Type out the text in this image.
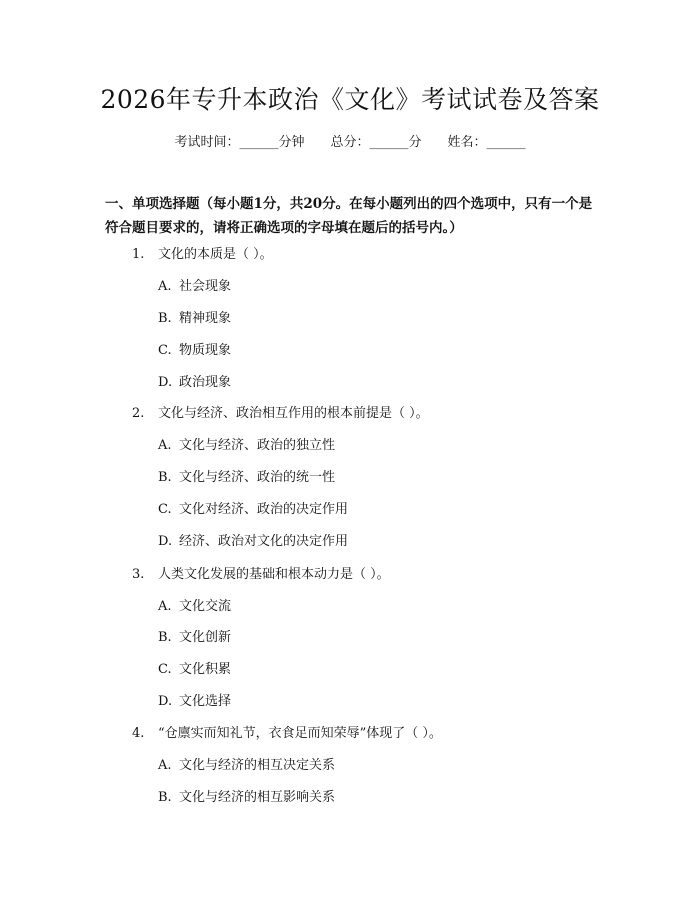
2026年专升本政治《文化》考试试卷及答案
考试时间：______分钟 总分：______分 姓名：______
一、单项选择题（每小题1分，共20分。在每小题列出的四个选项中，只有一个是符合题目要求的，请将正确选项的字母填在题后的括号内。）
1. 文化的本质是（ ）。
A. 社会现象
B. 精神现象
C. 物质现象
D. 政治现象
2. 文化与经济、政治相互作用的根本前提是（ ）。
A. 文化与经济、政治的独立性
B. 文化与经济、政治的统一性
C. 文化对经济、政治的决定作用
D. 经济、政治对文化的决定作用
3. 人类文化发展的基础和根本动力是（ ）。
A. 文化交流
B. 文化创新
C. 文化积累
D. 文化选择
4. “仓廪实而知礼节，衣食足而知荣辱”体现了（ ）。
A. 文化与经济的相互决定关系
B. 文化与经济的相互影响关系
